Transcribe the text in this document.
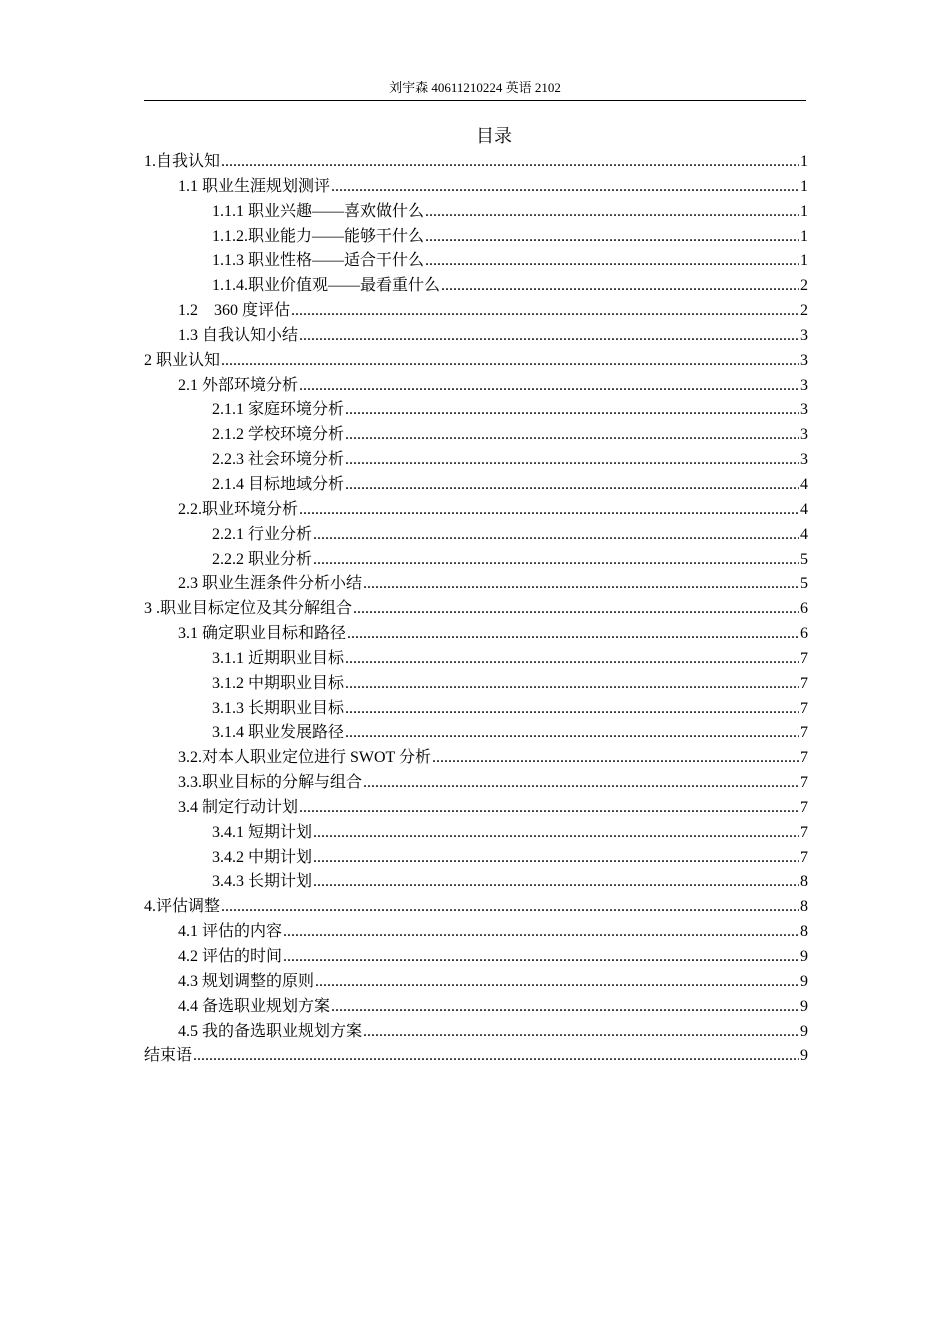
刘宇森 40611210224 英语 2102
目录
1.自我认知 .....	1
1.1 职业生涯规划测评 .....	1
1.1.1 职业兴趣——喜欢做什么 .....	1
1.1.2.职业能力——能够干什么 .....	1
1.1.3 职业性格——适合干什么 .....	1
1.1.4.职业价值观——最看重什么 .....	2
1.2　360 度评估 .....	2
1.3 自我认知小结 .....	3
2 职业认知 .....	3
2.1 外部环境分析 .....	3
2.1.1 家庭环境分析 .....	3
2.1.2 学校环境分析 .....	3
2.2.3 社会环境分析 .....	3
2.1.4 目标地域分析 .....	4
2.2.职业环境分析 .....	4
2.2.1 行业分析 .....	4
2.2.2 职业分析 .....	5
2.3 职业生涯条件分析小结 .....	5
3 .职业目标定位及其分解组合 .....	6
3.1 确定职业目标和路径 .....	6
3.1.1 近期职业目标 .....	7
3.1.2 中期职业目标 .....	7
3.1.3 长期职业目标 .....	7
3.1.4 职业发展路径 .....	7
3.2.对本人职业定位进行 SWOT 分析 .....	7
3.3.职业目标的分解与组合 .....	7
3.4 制定行动计划 .....	7
3.4.1 短期计划 .....	7
3.4.2 中期计划 .....	7
3.4.3 长期计划 .....	8
4.评估调整 .....	8
4.1 评估的内容 .....	8
4.2 评估的时间 .....	9
4.3 规划调整的原则 .....	9
4.4 备选职业规划方案 .....	9
4.5 我的备选职业规划方案 .....	9
结束语 .....	9
